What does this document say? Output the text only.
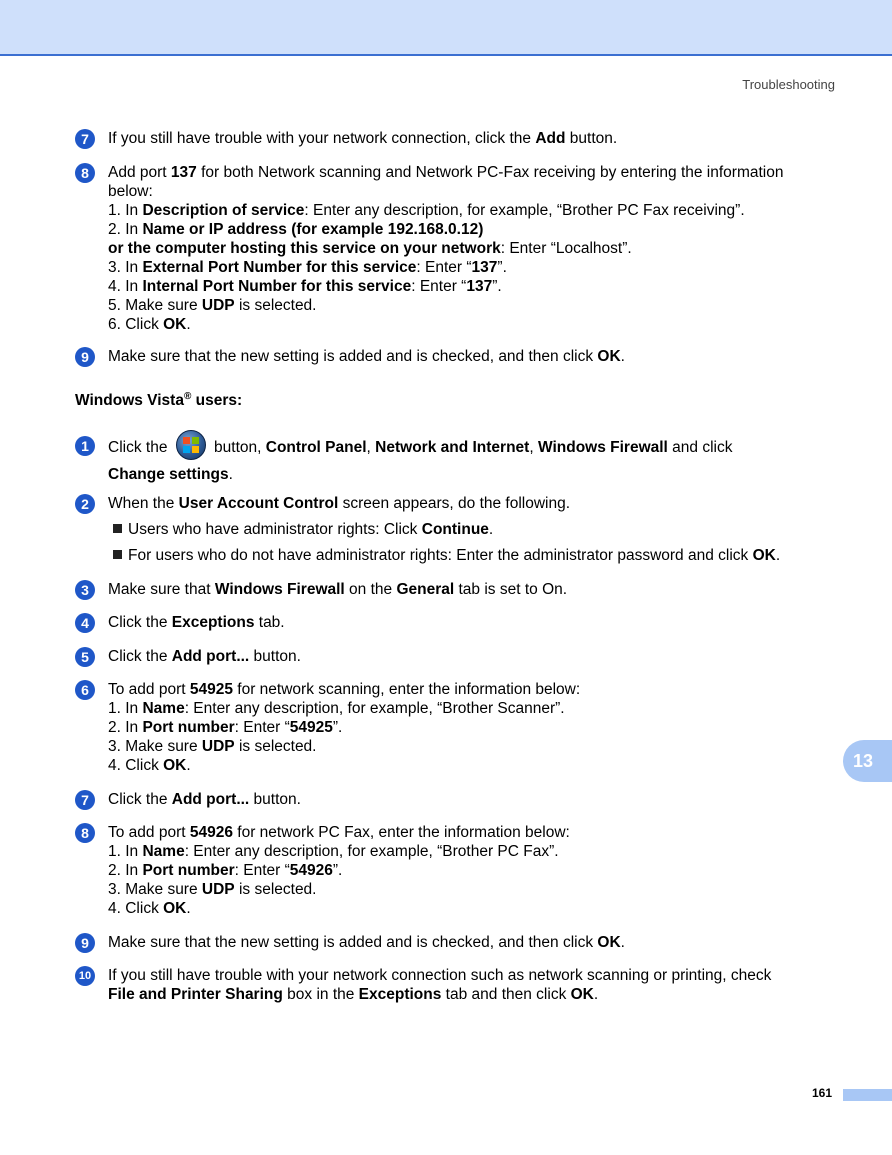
Troubleshooting
7	If you still have trouble with your network connection, click the Add button.
8	Add port 137 for both Network scanning and Network PC-Fax receiving by entering the information below:
1. In Description of service: Enter any description, for example, “Brother PC Fax receiving”.
2. In Name or IP address (for example 192.168.0.12)
or the computer hosting this service on your network: Enter “Localhost”.
3. In External Port Number for this service: Enter “137”.
4. In Internal Port Number for this service: Enter “137”.
5. Make sure UDP is selected.
6. Click OK.
9	Make sure that the new setting is added and is checked, and then click OK.
Windows Vista® users:
1	Click the
button, Control Panel, Network and Internet, Windows Firewall and click
Change settings.
2	When the User Account Control screen appears, do the following.
Users who have administrator rights: Click Continue.
For users who do not have administrator rights: Enter the administrator password and click OK.
3	Make sure that Windows Firewall on the General tab is set to On.
4	Click the Exceptions tab.
5	Click the Add port... button.
6	To add port 54925 for network scanning, enter the information below:
1. In Name: Enter any description, for example, “Brother Scanner”.
2. In Port number: Enter “54925”.
3. Make sure UDP is selected.
4. Click OK.
7	Click the Add port... button.
8	To add port 54926 for network PC Fax, enter the information below:
1. In Name: Enter any description, for example, “Brother PC Fax”.
2. In Port number: Enter “54926”.
3. Make sure UDP is selected.
4. Click OK.
9	Make sure that the new setting is added and is checked, and then click OK.
10 If you still have trouble with your network connection such as network scanning or printing, check
File and Printer Sharing box in the Exceptions tab and then click OK.
13
161
